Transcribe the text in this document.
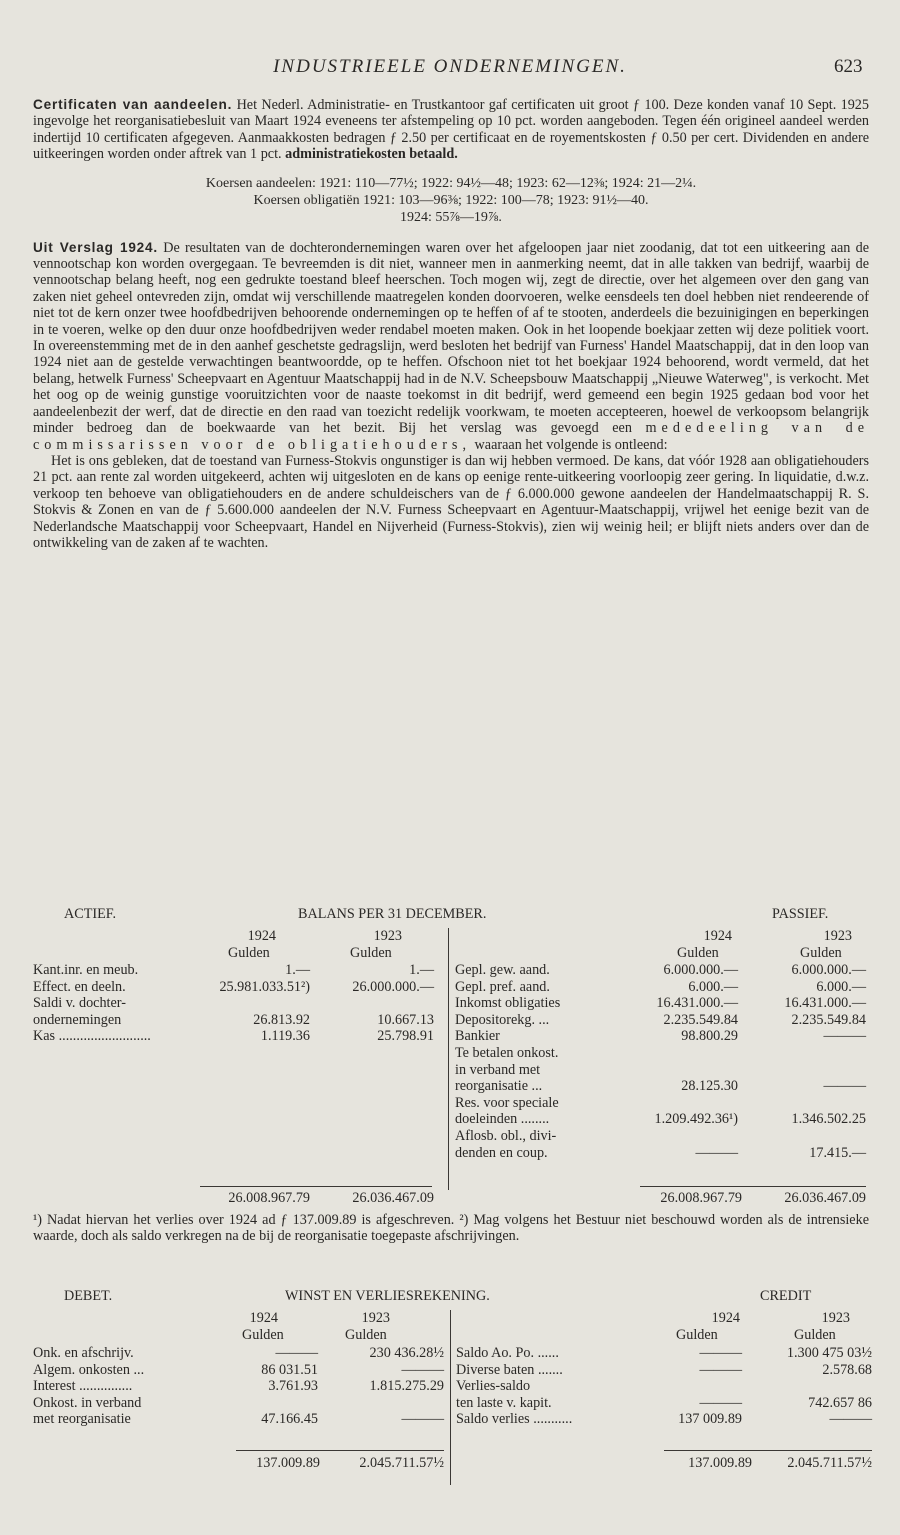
INDUSTRIEELE ONDERNEMINGEN.	623

Certificaten van aandeelen. Het Nederl. Administratie- en Trustkantoor gaf certificaten uit groot ƒ 100. Deze konden vanaf 10 Sept. 1925 ingevolge het reorganisatiebesluit van Maart 1924 eveneens ter afstempeling op 10 pct. worden aangeboden. Tegen één origineel aandeel werden indertijd 10 certificaten afgegeven. Aanmaakkosten bedragen ƒ 2.50 per certificaat en de royementskosten ƒ 0.50 per cert. Dividenden en andere uitkeeringen worden onder aftrek van 1 pct. administratiekosten betaald.

Koersen aandeelen: 1921: 110—77½; 1922: 94½—48; 1923: 62—12⅜; 1924: 21—2¼.
Koersen obligatiën 1921: 103—96⅜; 1922: 100—78; 1923: 91½—40.
1924: 55⅞—19⅞.

Uit Verslag 1924. De resultaten van de dochterondernemingen waren over het afgeloopen jaar niet zoodanig, dat tot een uitkeering aan de vennootschap kon worden overgegaan. Te bevreemden is dit niet, wanneer men in aanmerking neemt, dat in alle takken van bedrijf, waarbij de vennootschap belang heeft, nog een gedrukte toestand bleef heerschen. Toch mogen wij, zegt de directie, over het algemeen over den gang van zaken niet geheel ontevreden zijn, omdat wij verschillende maatregelen konden doorvoeren, welke eensdeels ten doel hebben niet rendeerende of niet tot de kern onzer twee hoofdbedrijven behoorende ondernemingen op te heffen of af te stooten, anderdeels die bezuinigingen en beperkingen in te voeren, welke op den duur onze hoofdbedrijven weder rendabel moeten maken. Ook in het loopende boekjaar zetten wij deze politiek voort. In overeenstemming met de in den aanhef geschetste gedragslijn, werd besloten het bedrijf van Furness' Handel Maatschappij, dat in den loop van 1924 niet aan de gestelde verwachtingen beantwoordde, op te heffen. Ofschoon niet tot het boekjaar 1924 behoorend, wordt vermeld, dat het belang, hetwelk Furness' Scheepvaart en Agentuur Maatschappij had in de N.V. Scheepsbouw Maatschappij „Nieuwe Waterweg", is verkocht. Met het oog op de weinig gunstige vooruitzichten voor de naaste toekomst in dit bedrijf, werd gemeend een begin 1925 gedaan bod voor het aandeelenbezit der werf, dat de directie en den raad van toezicht redelijk voorkwam, te moeten accepteeren, hoewel de verkoopsom belangrijk minder bedroeg dan de boekwaarde van het bezit. Bij het verslag was gevoegd een mededeeling van de commissarissen voor de obligatiehouders, waaraan het volgende is ontleend:

Het is ons gebleken, dat de toestand van Furness-Stokvis ongunstiger is dan wij hebben vermoed. De kans, dat vóór 1928 aan obligatiehouders 21 pct. aan rente zal worden uitgekeerd, achten wij uitgesloten en de kans op eenige rente-uitkeering voorloopig zeer gering. In liquidatie, d.w.z. verkoop ten behoeve van obligatiehouders en de andere schuldeischers van de ƒ 6.000.000 gewone aandeelen der Handelmaatschappij R. S. Stokvis & Zonen en van de ƒ 5.600.000 aandeelen der N.V. Furness Scheepvaart en Agentuur-Maatschappij, vrijwel het eenige bezit van de Nederlandsche Maatschappij voor Scheepvaart, Handel en Nijverheid (Furness-Stokvis), zien wij weinig heil; er blijft niets anders over dan de ontwikkeling van de zaken af te wachten.

ACTIEF.	BALANS PER 31 DECEMBER.	PASSIEF.
1924	1923	1924	1923
Gulden	Gulden	Gulden	Gulden
Kant.inr. en meub.	1.—	1.—
Effect. en deeln.	25.981.033.51²)	26.000.000.—
Saldi v. dochter-
ondernemingen	26.813.92	10.667.13
Kas ..........................	1.119.36	25.798.91
Gepl. gew. aand.	6.000.000.—	6.000.000.—
Gepl. pref. aand.	6.000.—	6.000.—
Inkomst obligaties	16.431.000.—	16.431.000.—
Depositorekg. ...	2.235.549.84	2.235.549.84
Bankier	98.800.29	———
Te betalen onkost.
in verband met
reorganisatie ...	28.125.30	———
Res. voor speciale
doeleinden ........	1.209.492.36¹)	1.346.502.25
Aflosb. obl., divi-
denden en coup.	———	17.415.—
26.008.967.79	26.036.467.09	26.008.967.79	26.036.467.09
¹) Nadat hiervan het verlies over 1924 ad ƒ 137.009.89 is afgeschreven. ²) Mag volgens het Bestuur niet beschouwd worden als de intrensieke waarde, doch als saldo verkregen na de bij de reorganisatie toegepaste afschrijvingen.
DEBET.	WINST EN VERLIESREKENING.	CREDIT
1924	1923	1924	1923
Gulden	Gulden	Gulden	Gulden
Onk. en afschrijv.	———	230 436.28½
Algem. onkosten ...	86 031.51	———
Interest ...............	3.761.93	1.815.275.29
Onkost. in verband
met reorganisatie	47.166.45	———
Saldo Ao. Po. ......	———	1.300 475 03½
Diverse baten .......	———	2.578.68
Verlies-saldo
ten laste v. kapit.	———	742.657 86
Saldo verlies ...........	137 009.89	———
137.009.89	2.045.711.57½	137.009.89	2.045.711.57½
